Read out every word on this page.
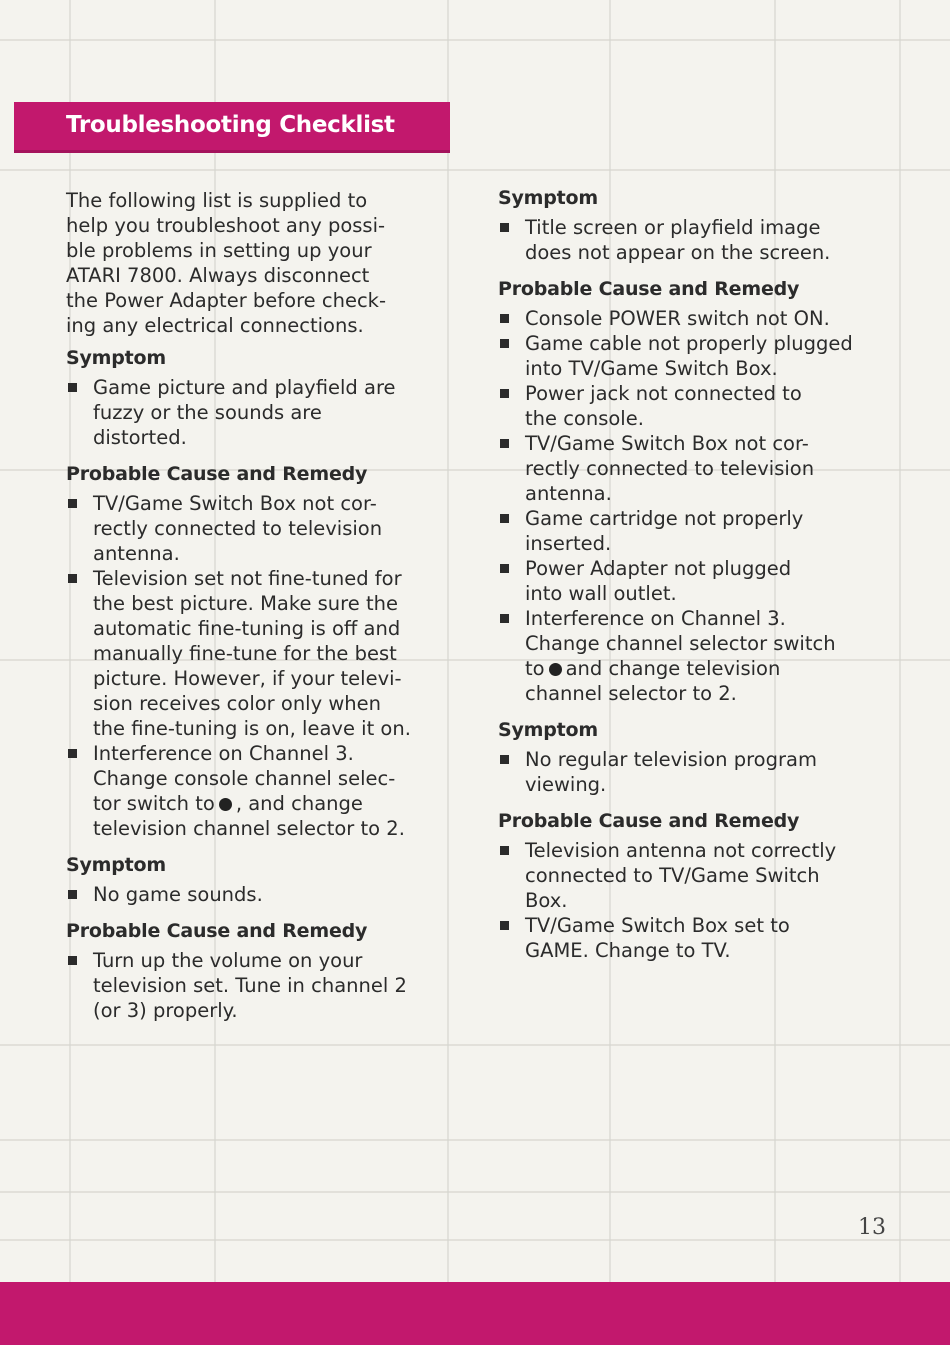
Troubleshooting Checklist

The following list is supplied to
help you troubleshoot any possi-
ble problems in setting up your
ATARI 7800. Always disconnect
the Power Adapter before check-
ing any electrical connections.

Symptom
Game picture and playfield are
fuzzy or the sounds are
distorted.
Probable Cause and Remedy
TV/Game Switch Box not cor-
rectly connected to television
antenna.
Television set not fine-tuned for
the best picture. Make sure the
automatic fine-tuning is off and
manually fine-tune for the best
picture. However, if your televi-
sion receives color only when
the fine-tuning is on, leave it on.
Interference on Channel 3.
Change console channel selec-
tor switch to , and change
television channel selector to 2.
Symptom
No game sounds.
Probable Cause and Remedy
Turn up the volume on your
television set. Tune in channel 2
(or 3) properly.
Symptom
Title screen or playfield image
does not appear on the screen.
Probable Cause and Remedy
Console POWER switch not ON.
Game cable not properly plugged
into TV/Game Switch Box.
Power jack not connected to
the console.
TV/Game Switch Box not cor-
rectly connected to television
antenna.
Game cartridge not properly
inserted.
Power Adapter not plugged
into wall outlet.
Interference on Channel 3.
Change channel selector switch
to and change television
channel selector to 2.
Symptom
No regular television program
viewing.
Probable Cause and Remedy
Television antenna not correctly
connected to TV/Game Switch
Box.
TV/Game Switch Box set to
GAME. Change to TV.
13
